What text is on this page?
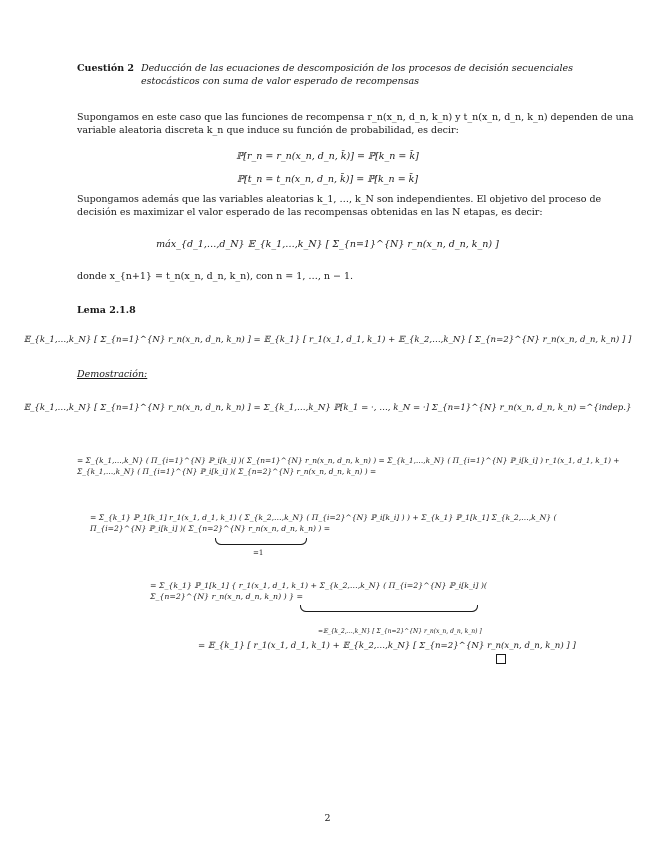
Cuestión 2 Deducción de las ecuaciones de descomposición de los procesos de decisión secuenciales
estocásticos con suma de valor esperado de recompensas
Supongamos en este caso que las funciones de recompensa r_n(x_n, d_n, k_n) y t_n(x_n, d_n, k_n) dependen de una
variable aleatoria discreta k_n que induce su función de probabilidad, es decir:
ℙ[r_n = r_n(x_n, d_n, k̄)] = ℙ[k_n = k̄]
ℙ[t_n = t_n(x_n, d_n, k̄)] = ℙ[k_n = k̄]
Supongamos además que las variables aleatorias k_1, …, k_N son independientes. El objetivo del proceso de
decisión es maximizar el valor esperado de las recompensas obtenidas en las N etapas, es decir:
máx_{d_1,…,d_N} 𝔼_{k_1,…,k_N} [ Σ_{n=1}^{N} r_n(x_n, d_n, k_n) ]
donde x_{n+1} = t_n(x_n, d_n, k_n), con n = 1, …, n − 1.
Lema 2.1.8
𝔼_{k_1,…,k_N} [ Σ_{n=1}^{N} r_n(x_n, d_n, k_n) ] = 𝔼_{k_1} [ r_1(x_1, d_1, k_1) + 𝔼_{k_2,…,k_N} [ Σ_{n=2}^{N} r_n(x_n, d_n, k_n) ] ]
Demostración:
𝔼_{k_1,…,k_N} [ Σ_{n=1}^{N} r_n(x_n, d_n, k_n) ] = Σ_{k_1,…,k_N} ℙ[k_1 = ·, …, k_N = ·] Σ_{n=1}^{N} r_n(x_n, d_n, k_n) =^{indep.}
= Σ_{k_1,…,k_N} ( Π_{i=1}^{N} ℙ_i[k_i] )( Σ_{n=1}^{N} r_n(x_n, d_n, k_n) ) = Σ_{k_1,…,k_N} ( Π_{i=1}^{N} ℙ_i[k_i] ) r_1(x_1, d_1, k_1) + Σ_{k_1,…,k_N} ( Π_{i=1}^{N} ℙ_i[k_i] )( Σ_{n=2}^{N} r_n(x_n, d_n, k_n) ) =
= Σ_{k_1} ℙ_1[k_1] r_1(x_1, d_1, k_1) ( Σ_{k_2,…,k_N} ( Π_{i=2}^{N} ℙ_i[k_i] ) ) + Σ_{k_1} ℙ_1[k_1] Σ_{k_2,…,k_N} ( Π_{i=2}^{N} ℙ_i[k_i] )( Σ_{n=2}^{N} r_n(x_n, d_n, k_n) ) =
=1
= Σ_{k_1} ℙ_1[k_1] { r_1(x_1, d_1, k_1) + Σ_{k_2,…,k_N} ( Π_{i=2}^{N} ℙ_i[k_i] )( Σ_{n=2}^{N} r_n(x_n, d_n, k_n) ) } =
=𝔼_{k_2,…,k_N} [ Σ_{n=2}^{N} r_n(x_n, d_n, k_n) ]
= 𝔼_{k_1} [ r_1(x_1, d_1, k_1) + 𝔼_{k_2,…,k_N} [ Σ_{n=2}^{N} r_n(x_n, d_n, k_n) ] ]
2
